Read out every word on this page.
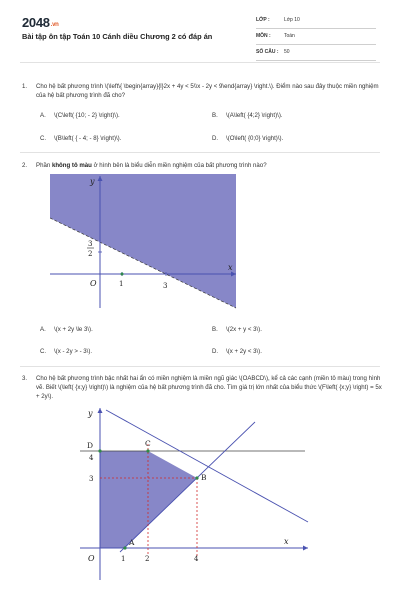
2048.vn
Bài tập ôn tập Toán 10 Cánh diều Chương 2 có đáp án
LỚP :	Lớp 10
MÔN :	Toán
SỐ CÂU : 50
1. Cho hệ bất phương trình \(\left\{ \begin{array}{l}2x + 4y < 5\\x - 2y < 9\end{array} \right.\). Điểm nào sau đây thuộc miền nghiệm của hệ bất phương trình đã cho?
A. \(C\left( {10; - 2} \right)\).	B. \(A\left( {4;2} \right)\).
C. \(B\left( { - 4; - 8} \right)\).	D. \(O\left( {0;0} \right)\).
2. Phần không tô màu ở hình bên là biểu diễn miền nghiệm của bất phương trình nào?
y
x
O	1	3
3
2
A. \(x + 2y \le 3\).	B. \(2x + y < 3\).
C. \(x - 2y > - 3\).	D. \(x + 2y < 3\).
3. Cho hệ bất phương trình bậc nhất hai ẩn có miền nghiệm là miền ngũ giác \(OABCD\), kể cả các cạnh (miền tô màu) trong hình vẽ. Biết \(\left( {x;y} \right)\) là nghiệm của hệ bất phương trình đã cho. Tìm giá trị lớn nhất của biểu thức \(F\left( {x;y} \right) = 5x + 2y\).
y
x
O
A
B
C
D
1	2	4
3
4
